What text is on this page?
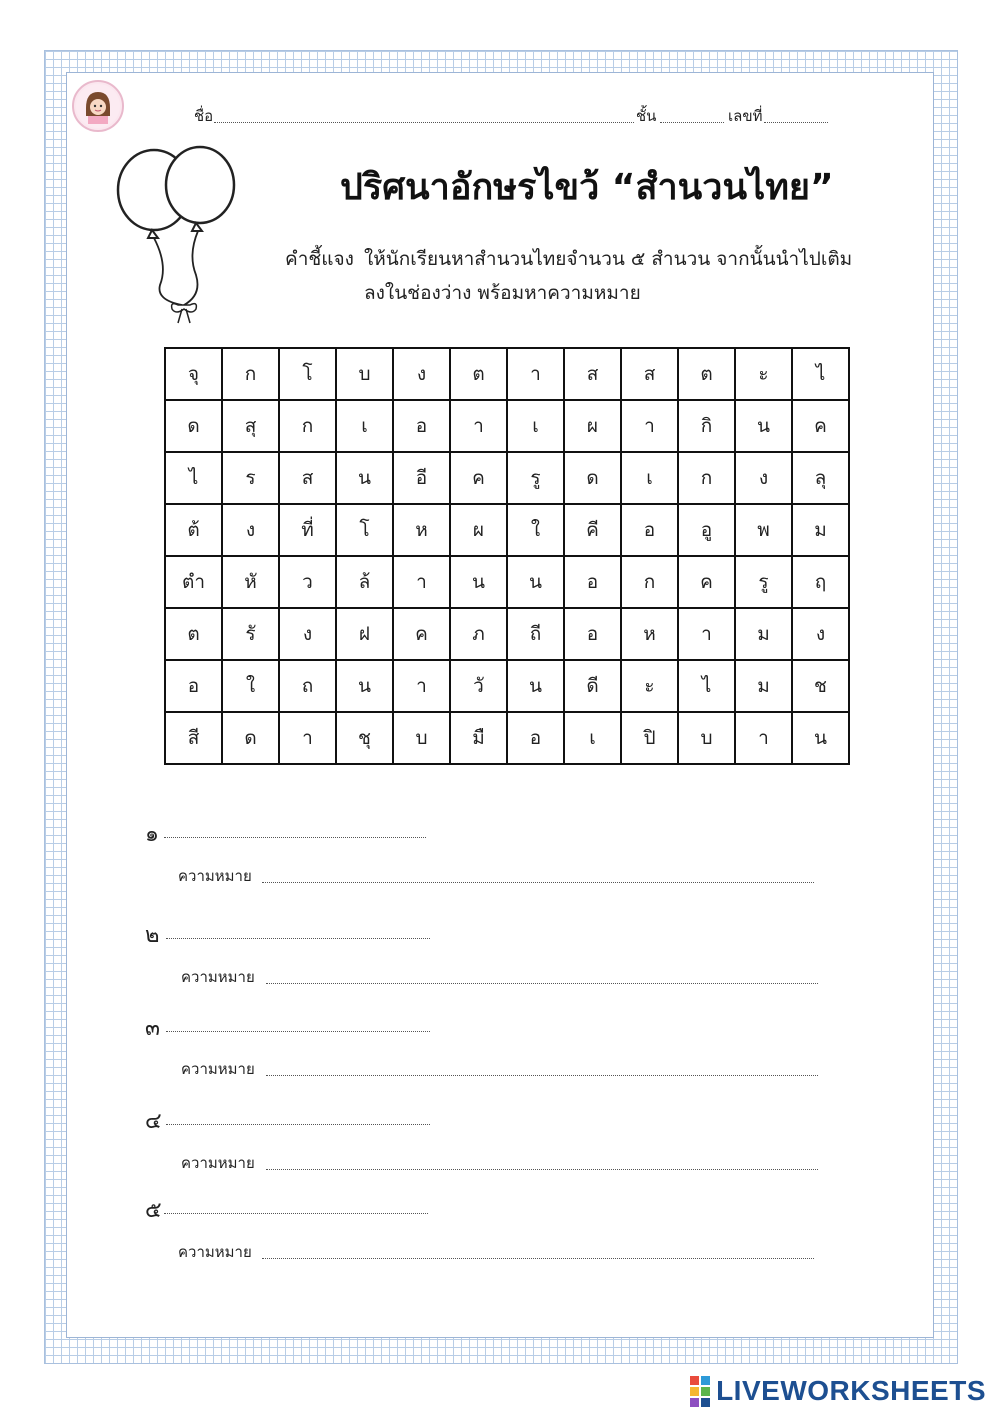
ชื่อ	ชั้น	เลขที่
ปริศนาอักษรไขว้ “สำนวนไทย”
คำชี้แจง ให้นักเรียนหาสำนวนไทยจำนวน ๕ สำนวน จากนั้นนำไปเติม
ลงในช่องว่าง พร้อมหาความหมาย
จุ	ก	โ	บ	ง	ต	า	ส	ส	ต	ะ	ไ
ด	สุ	ก	เ	อ	า	เ	ผ	า	กิ	น	ค
ไ	ร	ส	น	อี	ค	รู	ด	เ	ก	ง	ลุ
ต้	ง	ที่	โ	ห	ผ	ใ	คี	อ	อู	พ	ม
ตำ	หั	ว	ล้	า	น	น	อ	ก	ค	รู	ฤ
ต	รั	ง	ฝ	ค	ภ	ถี	อ	ห	า	ม	ง
อ	ใ	ถ	น	า	วั	น	ดี	ะ	ไ	ม	ช
สี	ด	า	ชุ	บ	มื	อ	เ	ปิ	บ	า	น
๑
ความหมาย
๒
ความหมาย
๓
ความหมาย
๔
ความหมาย
๕
ความหมาย
LIVEWORKSHEETS
